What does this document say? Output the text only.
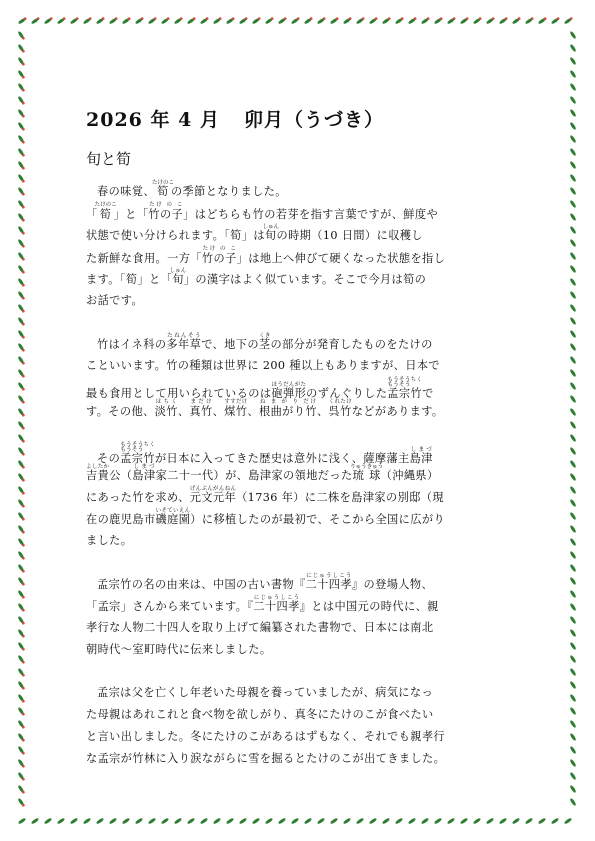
2026 年 4 月 卯月（うづき）
旬と筍
春の味覚、筍たけのこの季節となりました。
「筍たけのこ」と「竹の子たけ の こ」はどちらも竹の若芽を指す言葉ですが、鮮度や
状態で使い分けられます。「筍」は旬しゅんの時期（10 日間）に収穫し
た新鮮な食用。一方「竹の子たけ の こ」は地上へ伸びて硬くなった状態を指し
ます。「筍」と「旬しゅん」の漢字はよく似ています。そこで今月は筍の
お話です。
竹はイネ科の多年草たねんそうで、地下の茎くきの部分が発育したものをたけの
こといいます。竹の種類は世界に 200 種以上もありますが、日本で
最も食用として用いられているのは砲弾形ほうだんがたのずんぐりした孟宗もうそう竹もうそうちくで
す。その他、淡竹はちく、真竹まだけ、煤竹すすだけ、根曲がり竹ね ま が り だけ、呉竹くれたけなどがあります。
その孟宗もうそう竹もうそうちくが日本に入ってきた歴史は意外に浅く、薩摩藩主島津しまづ
吉貴よしたか公（島津しまづ家二十一代）が、島津家の領地だった琉球りゅうきゅう（沖縄県）
にあった竹を求め、元文元年げんぶんがんねん（1736 年）に二株を島津家の別邸（現
在の鹿児島市磯庭園いそていえん）に移植したのが最初で、そこから全国に広がり
ました。
孟宗竹の名の由来は、中国の古い書物『二十四孝にじゅうしこう』の登場人物、
「孟宗」さんから来ています。『二十四孝にじゅうしこう』とは中国元の時代に、親
孝行な人物二十四人を取り上げて編纂された書物で、日本には南北
朝時代～室町時代に伝来しました。
孟宗は父を亡くし年老いた母親を養っていましたが、病気になっ
た母親はあれこれと食べ物を欲しがり、真冬にたけのこが食べたい
と言い出しました。冬にたけのこがあるはずもなく、それでも親孝行
な孟宗が竹林に入り涙ながらに雪を掘るとたけのこが出てきました。
